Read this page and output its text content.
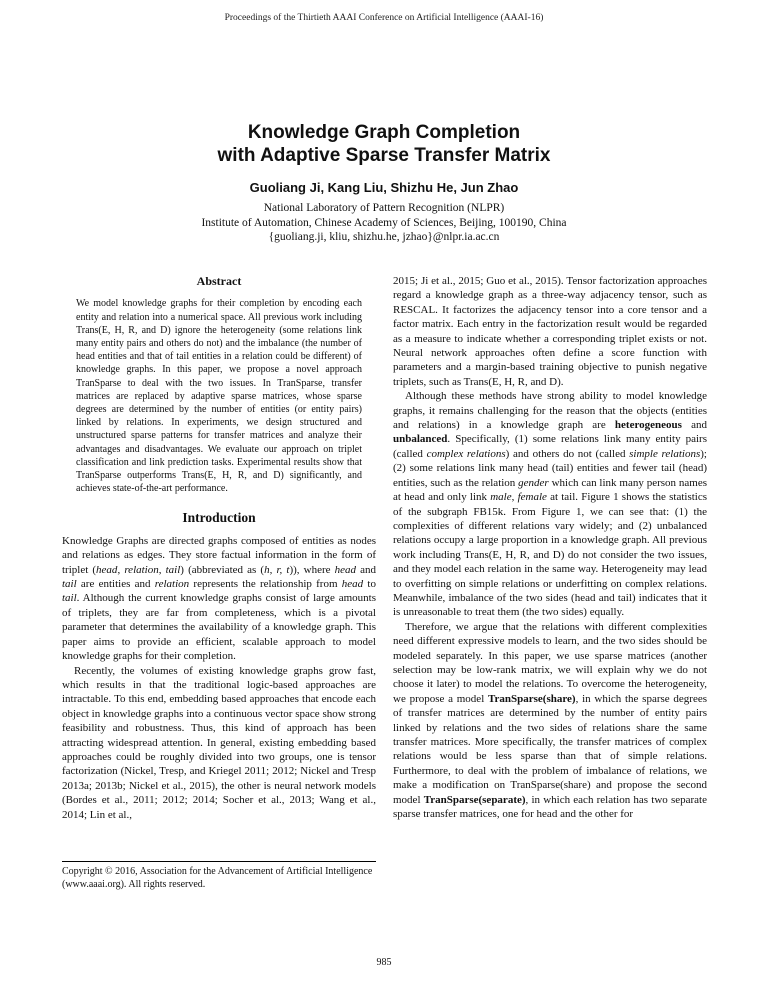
Proceedings of the Thirtieth AAAI Conference on Artificial Intelligence (AAAI-16)
Knowledge Graph Completion
with Adaptive Sparse Transfer Matrix
Guoliang Ji, Kang Liu, Shizhu He, Jun Zhao
National Laboratory of Pattern Recognition (NLPR)
Institute of Automation, Chinese Academy of Sciences, Beijing, 100190, China
{guoliang.ji, kliu, shizhu.he, jzhao}@nlpr.ia.ac.cn
Abstract
We model knowledge graphs for their completion by encoding each entity and relation into a numerical space. All previous work including Trans(E, H, R, and D) ignore the heterogeneity (some relations link many entity pairs and others do not) and the imbalance (the number of head entities and that of tail entities in a relation could be different) of knowledge graphs. In this paper, we propose a novel approach TranSparse to deal with the two issues. In TranSparse, transfer matrices are replaced by adaptive sparse matrices, whose sparse degrees are determined by the number of entities (or entity pairs) linked by relations. In experiments, we design structured and unstructured sparse patterns for transfer matrices and analyze their advantages and disadvantages. We evaluate our approach on triplet classification and link prediction tasks. Experimental results show that TranSparse outperforms Trans(E, H, R, and D) significantly, and achieves state-of-the-art performance.
Introduction

Knowledge Graphs are directed graphs composed of entities as nodes and relations as edges. They store factual information in the form of triplet (head, relation, tail) (abbreviated as (h, r, t)), where head and tail are entities and relation represents the relationship from head to tail. Although the current knowledge graphs consist of large amounts of triplets, they are far from completeness, which is a pivotal parameter that determines the availability of a knowledge graph. This paper aims to provide an efficient, scalable approach to model knowledge graphs for their completion.

Recently, the volumes of existing knowledge graphs grow fast, which results in that the traditional logic-based approaches are intractable. To this end, embedding based approaches that encode each object in knowledge graphs into a continuous vector space show strong feasibility and robustness. Thus, this kind of approach has been attracting widespread attention. In general, existing embedding based approaches could be roughly divided into two groups, one is tensor factorization (Nickel, Tresp, and Kriegel 2011; 2012; Nickel and Tresp 2013a; 2013b; Nickel et al., 2015), the other is neural network models (Bordes et al., 2011; 2012; 2014; Socher et al., 2013; Wang et al., 2014; Lin et al.,

Copyright © 2016, Association for the Advancement of Artificial Intelligence (www.aaai.org). All rights reserved.

2015; Ji et al., 2015; Guo et al., 2015). Tensor factorization approaches regard a knowledge graph as a three-way adjacency tensor, such as RESCAL. It factorizes the adjacency tensor into a core tensor and a factor matrix. Each entry in the factorization result would be regarded as a measure to indicate whether a corresponding triplet exists or not. Neural network approaches often define a score function with parameters and a margin-based training objective to punish negative triplets, such as Trans(E, H, R, and D).

Although these methods have strong ability to model knowledge graphs, it remains challenging for the reason that the objects (entities and relations) in a knowledge graph are heterogeneous and unbalanced. Specifically, (1) some relations link many entity pairs (called complex relations) and others do not (called simple relations); (2) some relations link many head (tail) entities and fewer tail (head) entities, such as the relation gender which can link many person names at head and only link male, female at tail. Figure 1 shows the statistics of the subgraph FB15k. From Figure 1, we can see that: (1) the complexities of different relations vary widely; and (2) unbalanced relations occupy a large proportion in a knowledge graph. All previous work including Trans(E, H, R, and D) do not consider the two issues, and they model each relation in the same way. Heterogeneity may lead to overfitting on simple relations or underfitting on complex relations. Meanwhile, imbalance of the two sides (head and tail) indicates that it is unreasonable to treat them (the two sides) equally.

Therefore, we argue that the relations with different complexities need different expressive models to learn, and the two sides should be modeled separately. In this paper, we use sparse matrices (another selection may be low-rank matrix, we will explain why we do not choose it later) to model the relations. To overcome the heterogeneity, we propose a model TranSparse(share), in which the sparse degrees of transfer matrices are determined by the number of entity pairs linked by relations and the two sides of relations share the same transfer matrices. More specifically, the transfer matrices of complex relations would be less sparse than that of simple relations. Furthermore, to deal with the problem of imbalance of relations, we make a modification on TranSparse(share) and propose the second model TranSparse(separate), in which each relation has two separate sparse transfer matrices, one for head and the other for

985
